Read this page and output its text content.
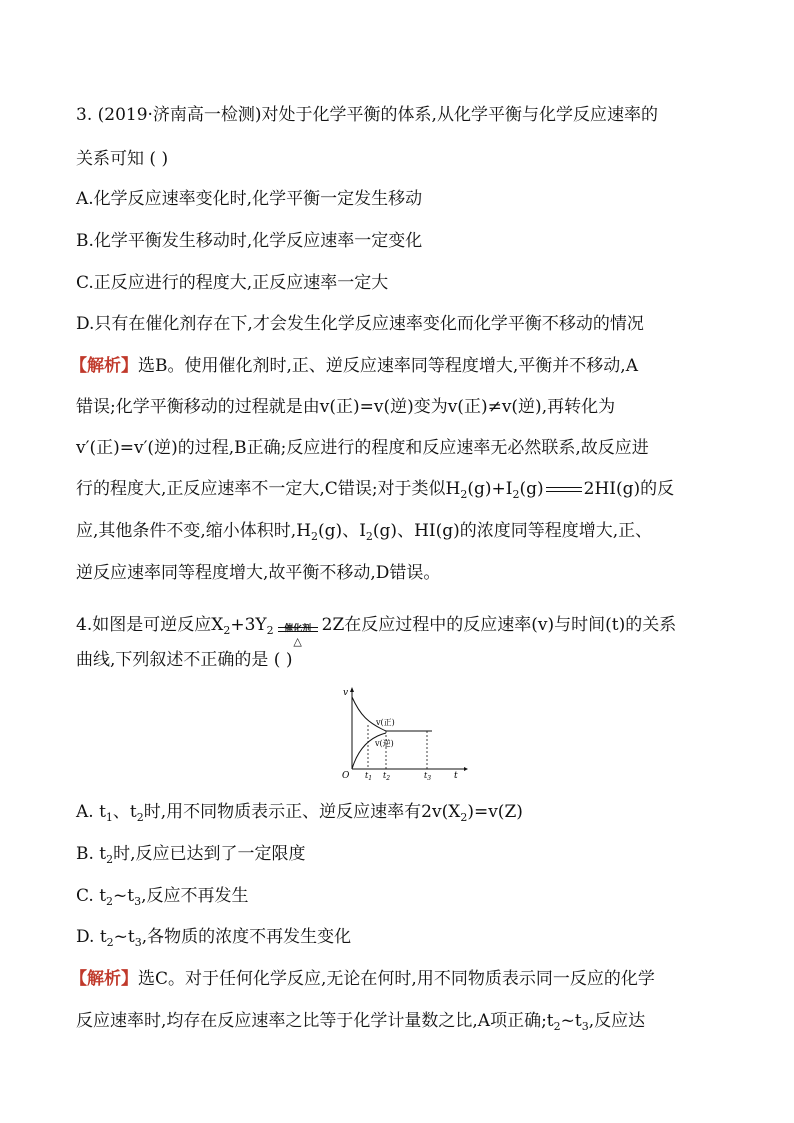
3. (2019·济南高一检测)对处于化学平衡的体系,从化学平衡与化学反应速率的
关系可知 ( )
A.化学反应速率变化时,化学平衡一定发生移动
B.化学平衡发生移动时,化学反应速率一定变化
C.正反应进行的程度大,正反应速率一定大
D.只有在催化剂存在下,才会发生化学反应速率变化而化学平衡不移动的情况
【解析】选B。使用催化剂时,正、逆反应速率同等程度增大,平衡并不移动,A
错误;化学平衡移动的过程就是由v(正)=v(逆)变为v(正)≠v(逆),再转化为
v′(正)=v′(逆)的过程,B正确;反应进行的程度和反应速率无必然联系,故反应进
行的程度大,正反应速率不一定大,C错误;对于类似$H_2(g)+I_2(g)$ 2HI(g)的反
应,其他条件不变,缩小体积时$,H_2(g)$、$I_2(g)$、HI(g)的浓度同等程度增大,正、
逆反应速率同等程度增大,故平衡不移动,D错误。
4.如图是可逆反应$X_2+3Y_2$	催化剂
△
2Z在反应过程中的反应速率(v)与时间(t)的关系
曲线,下列叙述不正确的是 ( )
v
t
O
v(正)
v(逆)
$t_1$ $t_2$	$t_3$
A. $t_1$、$t_2$时,用不同物质表示正、逆反应速率有$2v(X_2)=v(Z)$
B. $t_2$时,反应已达到了一定限度
C. $t_2\sim t_3$,反应不再发生
D. $t_2\sim t_3$,各物质的浓度不再发生变化
【解析】选C。对于任何化学反应,无论在何时,用不同物质表示同一反应的化学
反应速率时,均存在反应速率之比等于化学计量数之比,A项正确$;t_2\sim t_3$,反应达
